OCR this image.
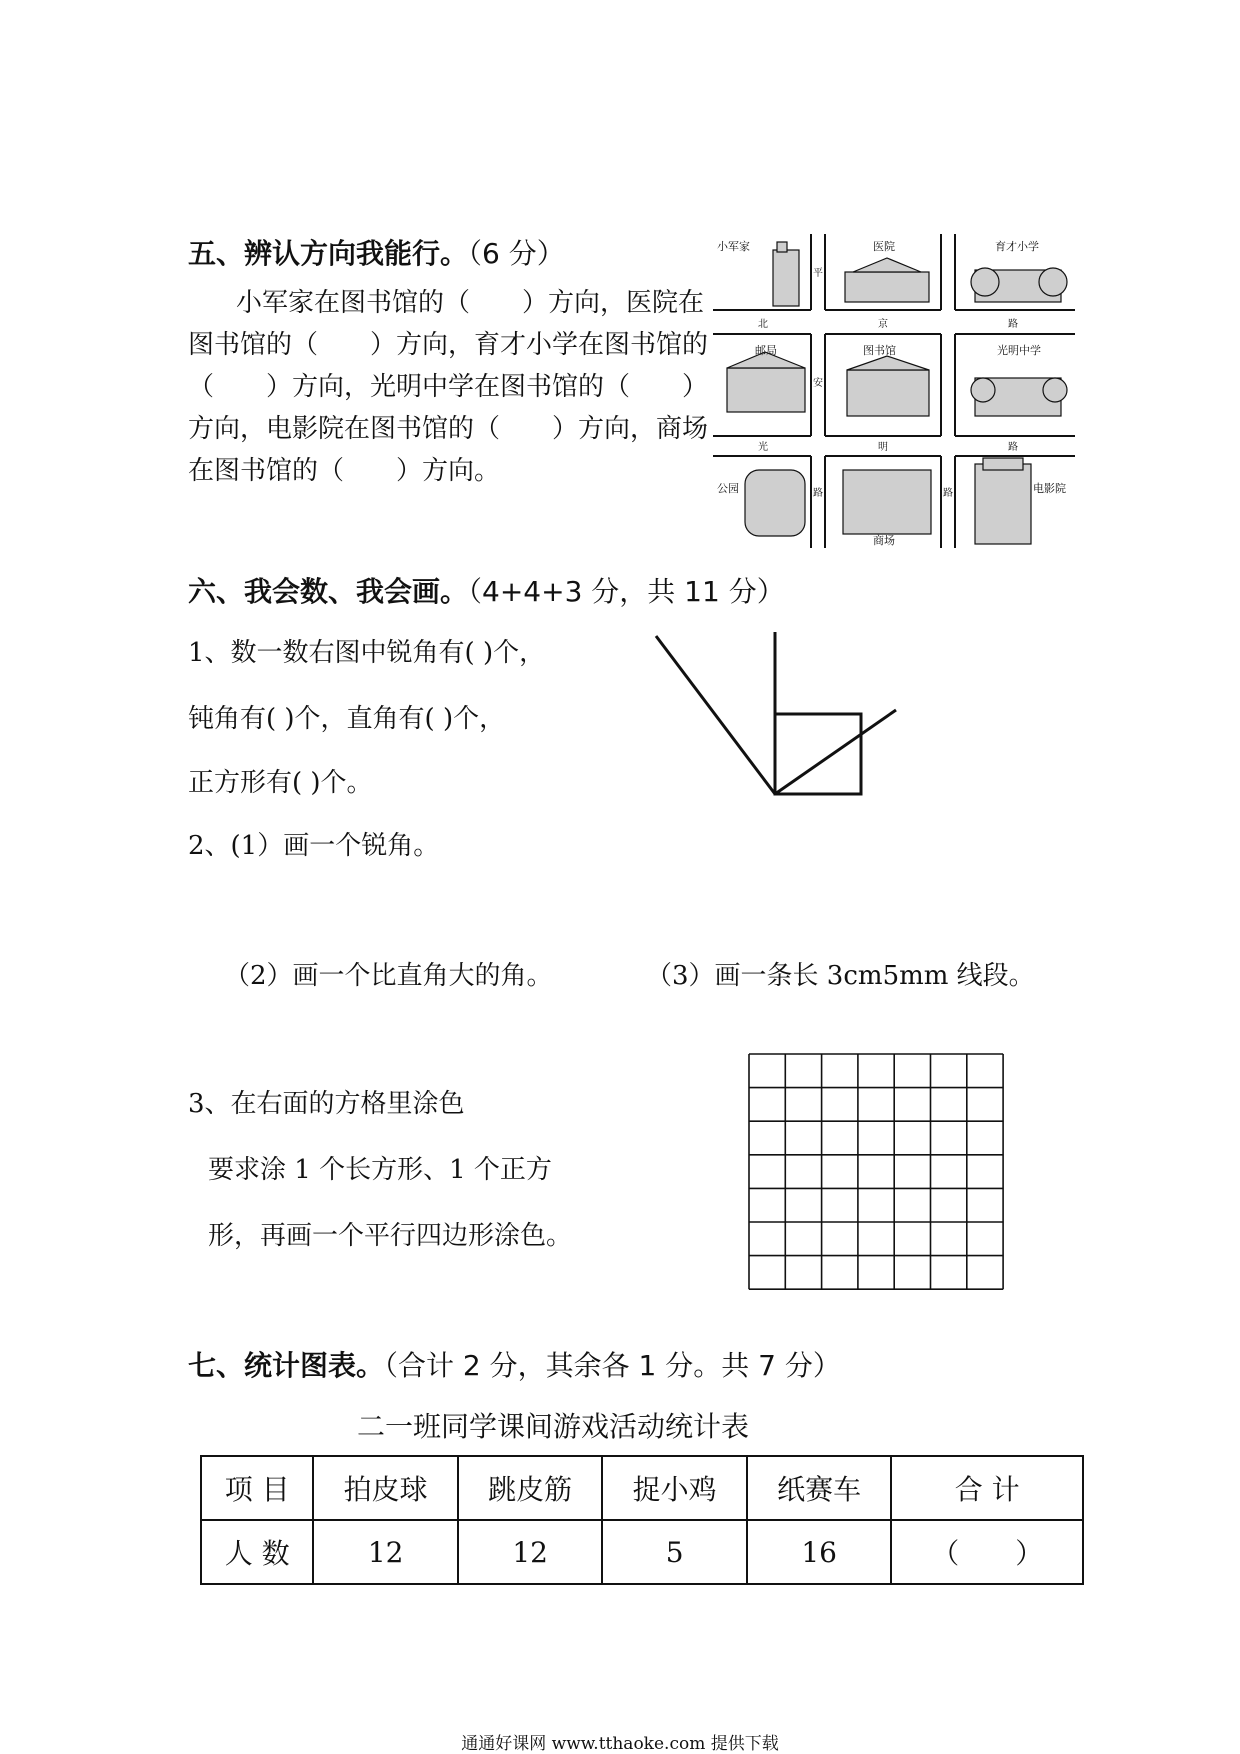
五、辨认方向我能行。（6 分）
小军家在图书馆的（　　）方向，医院在
图书馆的（　　）方向，育才小学在图书馆的
（　　）方向，光明中学在图书馆的（　　）
方向，电影院在图书馆的（　　）方向，商场
在图书馆的（　　）方向。
小军家	医院	育才小学
邮局	图书馆	光明中学
公园
商场
电影院
平
北	京	路
安
光	明	路
路	路
六、我会数、我会画。（4+4+3 分，共 11 分）
1、数一数右图中锐角有( )个，
钝角有( )个，直角有( )个，
正方形有( )个。
2、(1）画一个锐角。
（2）画一个比直角大的角。	（3）画一条长 3cm5mm 线段。
3、在右面的方格里涂色
要求涂 1 个长方形、1 个正方
形，再画一个平行四边形涂色。
七、统计图表。（合计 2 分，其余各 1 分。共 7 分）
二一班同学课间游戏活动统计表
项 目	拍皮球	跳皮筋	捉小鸡	纸赛车	合 计
人 数	12	12	5	16	（　　）
通通好课网 www.tthaoke.com 提供下载
